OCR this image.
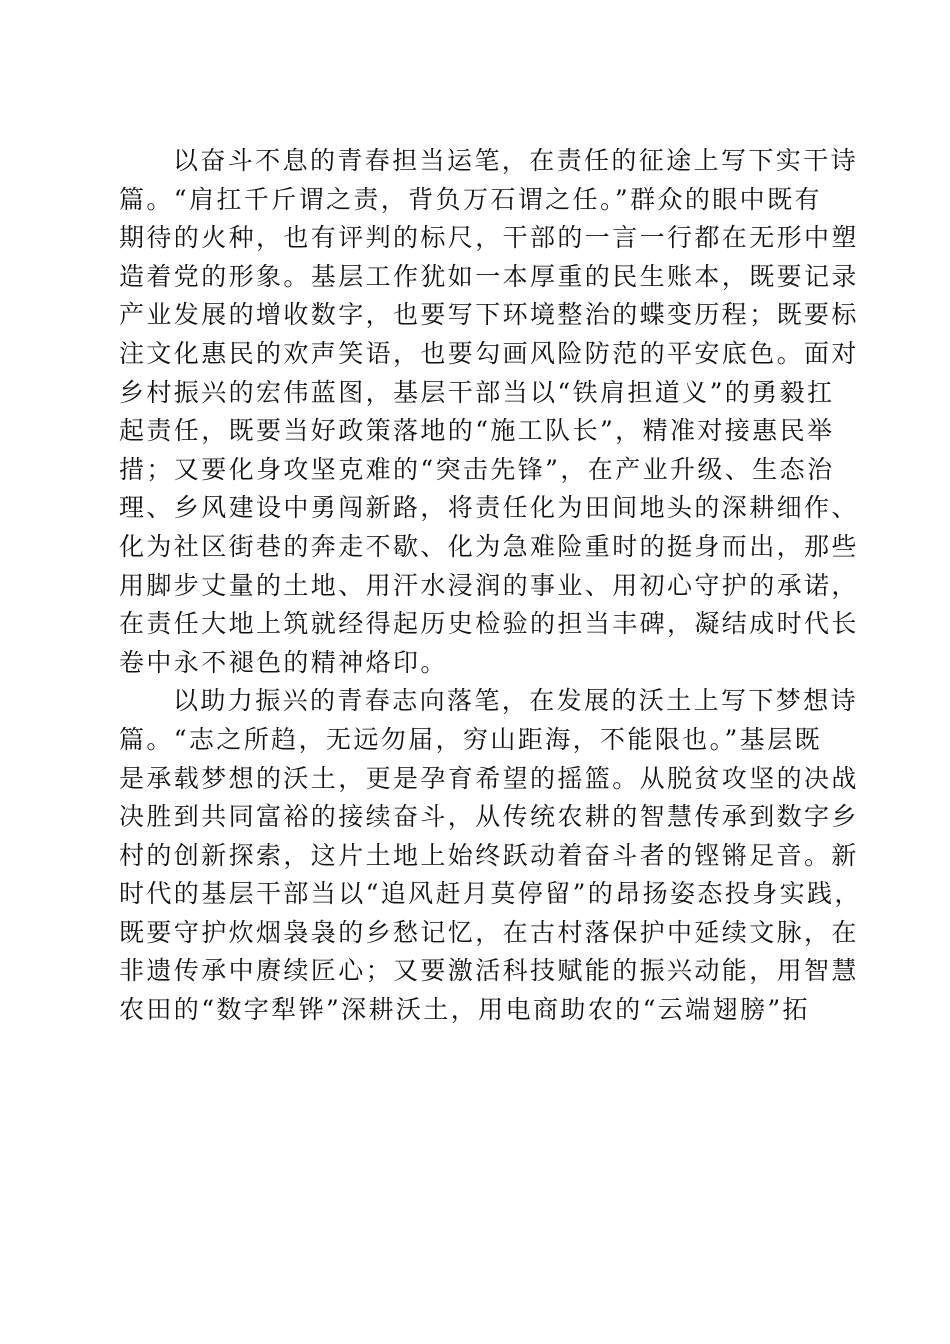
以奋斗不息的青春担当运笔，在责任的征途上写下实干诗
篇。“肩扛千斤谓之责，背负万石谓之任。”群众的眼中既有
期待的火种，也有评判的标尺，干部的一言一行都在无形中塑
造着党的形象。基层工作犹如一本厚重的民生账本，既要记录
产业发展的增收数字，也要写下环境整治的蝶变历程；既要标
注文化惠民的欢声笑语，也要勾画风险防范的平安底色。面对
乡村振兴的宏伟蓝图，基层干部当以“铁肩担道义”的勇毅扛
起责任，既要当好政策落地的“施工队长”，精准对接惠民举
措；又要化身攻坚克难的“突击先锋”，在产业升级、生态治
理、乡风建设中勇闯新路，将责任化为田间地头的深耕细作、
化为社区街巷的奔走不歇、化为急难险重时的挺身而出，那些
用脚步丈量的土地、用汗水浸润的事业、用初心守护的承诺，
在责任大地上筑就经得起历史检验的担当丰碑，凝结成时代长
卷中永不褪色的精神烙印。
以助力振兴的青春志向落笔，在发展的沃土上写下梦想诗
篇。“志之所趋，无远勿届，穷山距海，不能限也。”基层既
是承载梦想的沃土，更是孕育希望的摇篮。从脱贫攻坚的决战
决胜到共同富裕的接续奋斗，从传统农耕的智慧传承到数字乡
村的创新探索，这片土地上始终跃动着奋斗者的铿锵足音。新
时代的基层干部当以“追风赶月莫停留”的昂扬姿态投身实践，
既要守护炊烟袅袅的乡愁记忆，在古村落保护中延续文脉，在
非遗传承中赓续匠心；又要激活科技赋能的振兴动能，用智慧
农田的“数字犁铧”深耕沃土，用电商助农的“云端翅膀”拓
